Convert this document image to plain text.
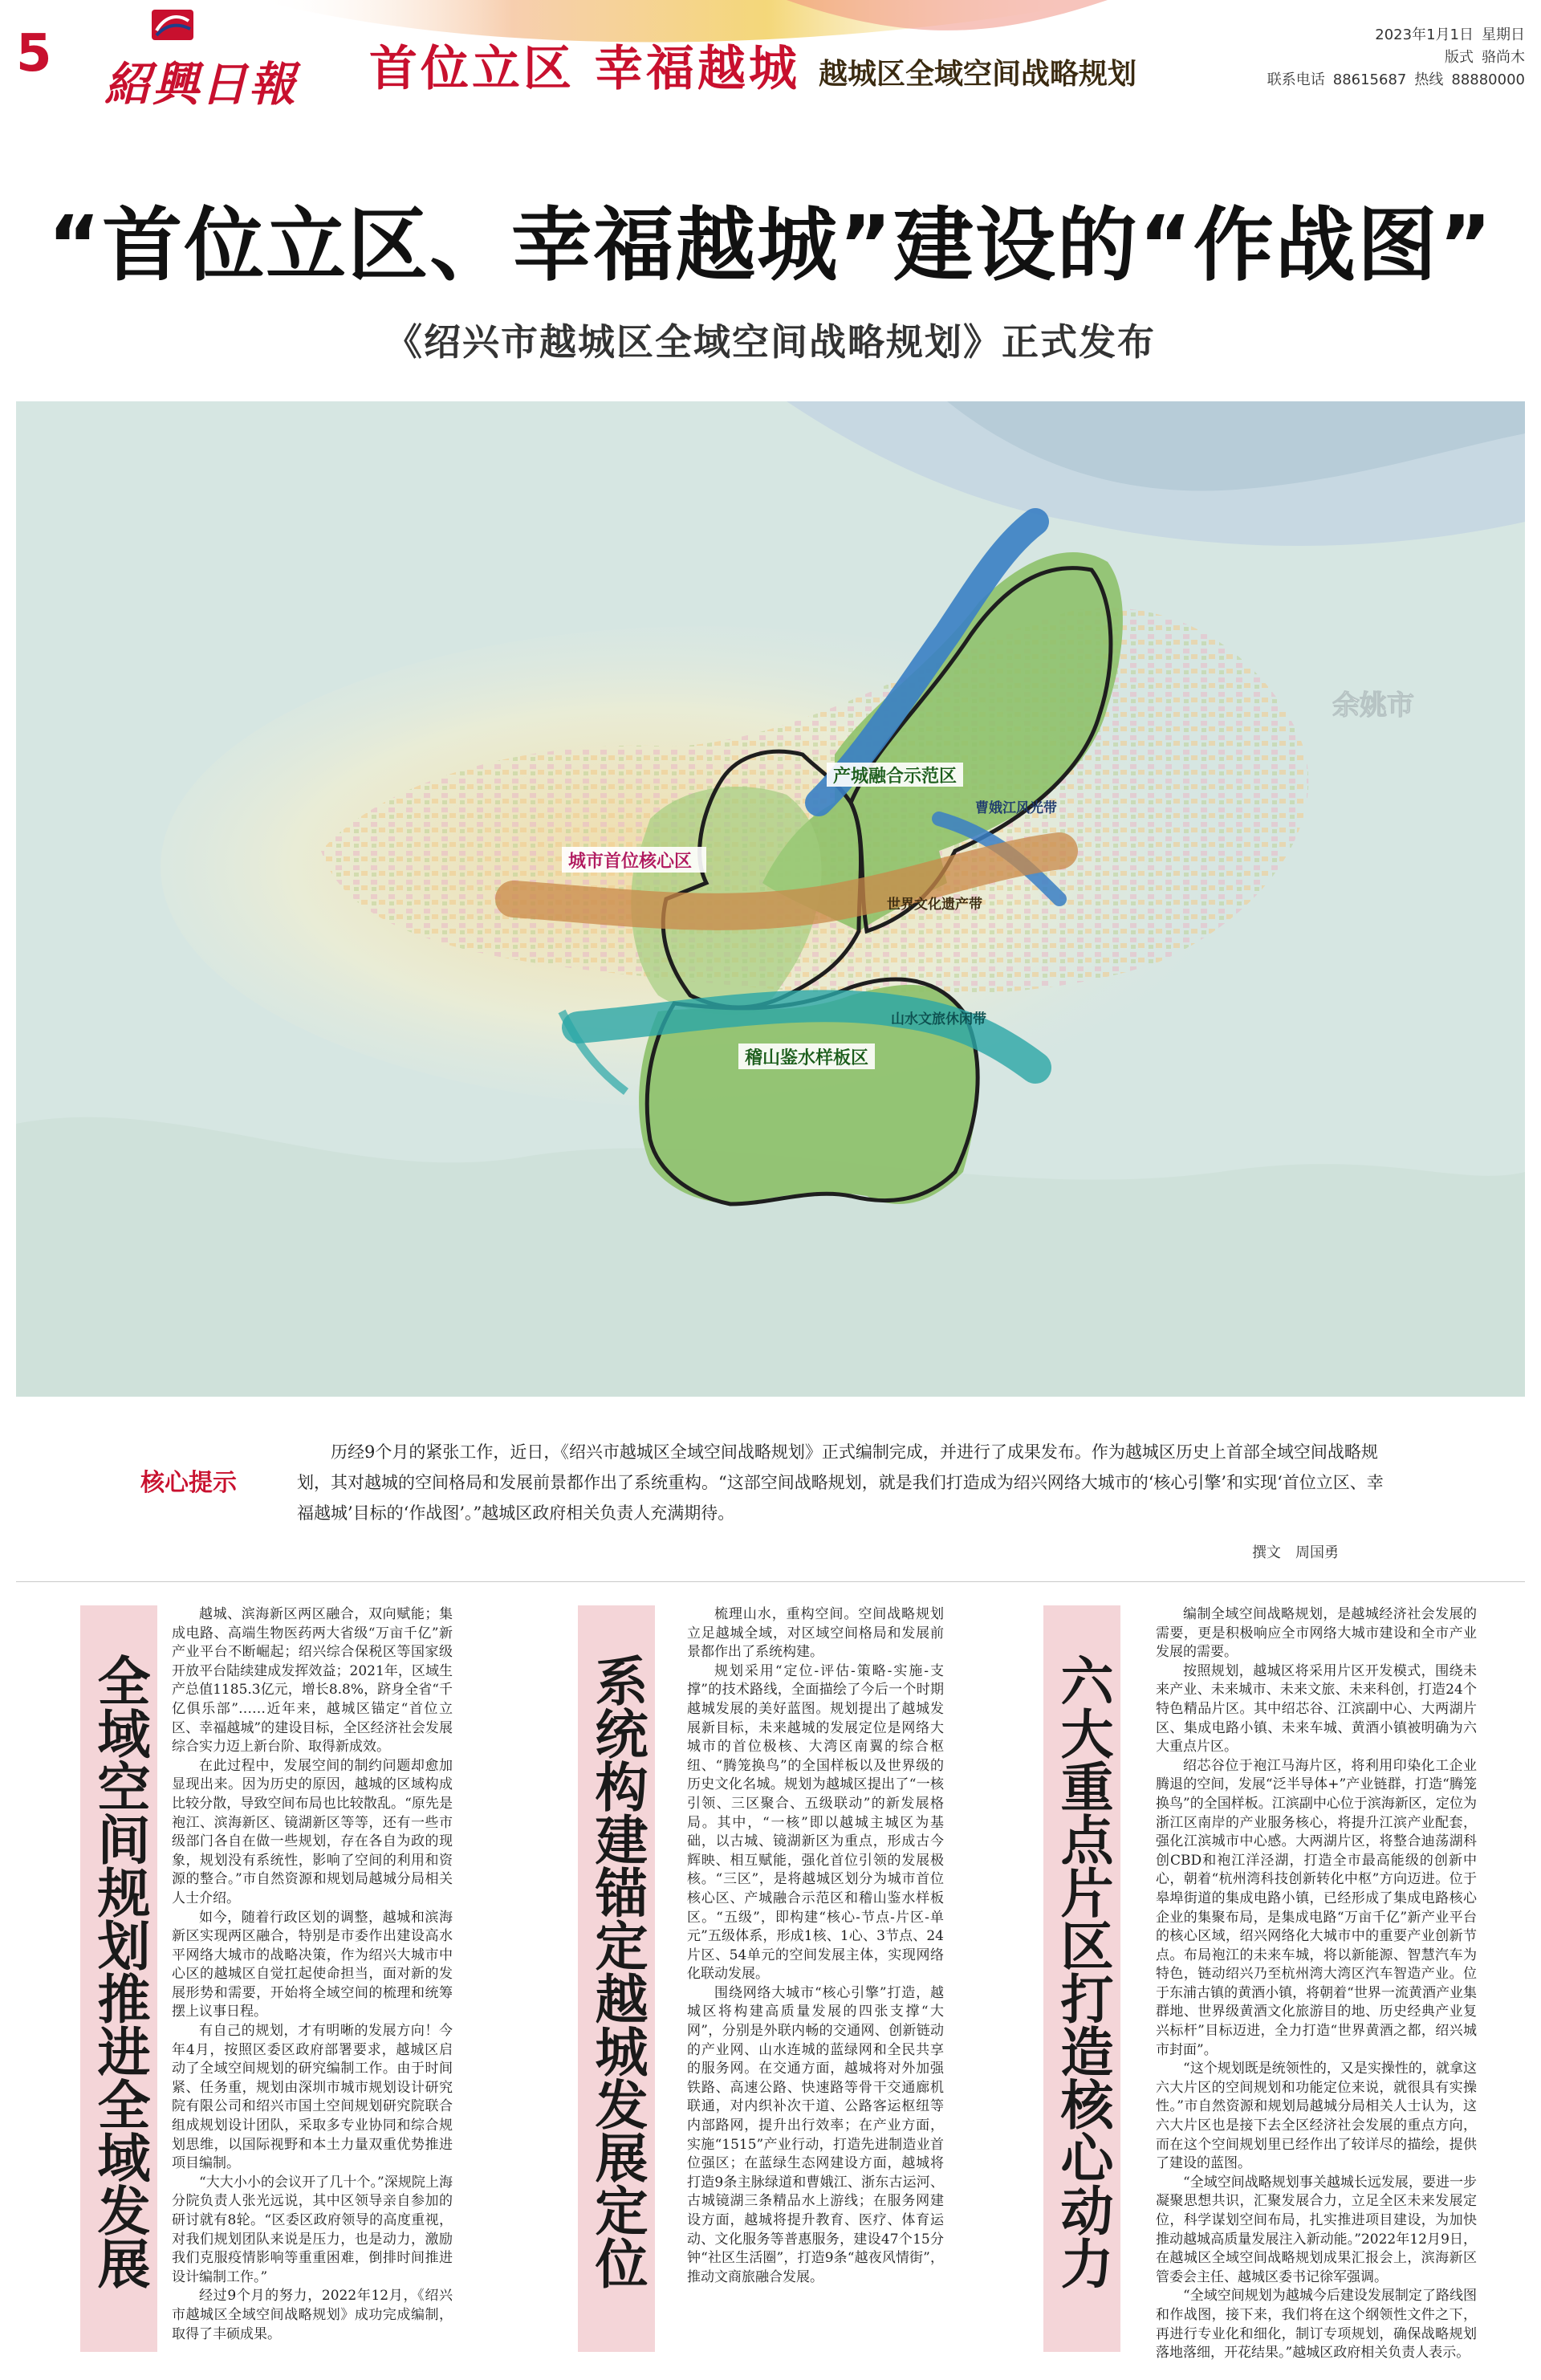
5
紹興日報 首位立区 幸福越城 越城区全域空间战略规划
2023年1月1日 星期日
版式 骆尚木
联系电话 88615687 热线 88880000
“首位立区、幸福越城”建设的“作战图”
《绍兴市越城区全域空间战略规划》正式发布
余姚市
产城融合示范区
曹娥江风光带
城市首位核心区
世界文化遗产带
山水文旅休闲带
稽山鉴水样板区
核心提示

历经9个月的紧张工作，近日，《绍兴市越城区全域空间战略规划》正式编制完成，并进行了成果发布。作为越城区历史上首部全域空间战略规划，其对越城的空间格局和发展前景都作出了系统重构。“这部空间战略规划，就是我们打造成为绍兴网络大城市的‘核心引擎’和实现‘首位立区、幸福越城’目标的‘作战图’。”越城区政府相关负责人充满期待。

撰文　周国勇
全域空间规划推进全域发展

越城、滨海新区两区融合，双向赋能；集成电路、高端生物医药两大省级“万亩千亿”新产业平台不断崛起；绍兴综合保税区等国家级开放平台陆续建成发挥效益；2021年，区域生产总值1185.3亿元，增长8.8%，跻身全省“千亿俱乐部”……近年来，越城区锚定“首位立区、幸福越城”的建设目标，全区经济社会发展综合实力迈上新台阶、取得新成效。

在此过程中，发展空间的制约问题却愈加显现出来。因为历史的原因，越城的区域构成比较分散，导致空间布局也比较散乱。“原先是袍江、滨海新区、镜湖新区等等，还有一些市级部门各自在做一些规划，存在各自为政的现象，规划没有系统性，影响了空间的利用和资源的整合。”市自然资源和规划局越城分局相关人士介绍。

如今，随着行政区划的调整，越城和滨海新区实现两区融合，特别是市委作出建设高水平网络大城市的战略决策，作为绍兴大城市中心区的越城区自觉扛起使命担当，面对新的发展形势和需要，开始将全域空间的梳理和统筹摆上议事日程。

有自己的规划，才有明晰的发展方向！今年4月，按照区委区政府部署要求，越城区启动了全域空间规划的研究编制工作。由于时间紧、任务重，规划由深圳市城市规划设计研究院有限公司和绍兴市国土空间规划研究院联合组成规划设计团队，采取多专业协同和综合规划思维，以国际视野和本土力量双重优势推进项目编制。

“大大小小的会议开了几十个。”深规院上海分院负责人张光远说，其中区领导亲自参加的研讨就有8轮。“区委区政府领导的高度重视，对我们规划团队来说是压力，也是动力，激励我们克服疫情影响等重重困难，倒排时间推进设计编制工作。”

经过9个月的努力，2022年12月，《绍兴市越城区全域空间战略规划》成功完成编制，取得了丰硕成果。

系统构建锚定越城发展定位

梳理山水，重构空间。空间战略规划立足越城全域，对区域空间格局和发展前景都作出了系统构建。

规划采用“定位-评估-策略-实施-支撑”的技术路线，全面描绘了今后一个时期越城发展的美好蓝图。规划提出了越城发展新目标，未来越城的发展定位是网络大城市的首位极核、大湾区南翼的综合枢纽、“腾笼换鸟”的全国样板以及世界级的历史文化名城。规划为越城区提出了“一核引领、三区聚合、五级联动”的新发展格局。其中，“一核”即以越城主城区为基础，以古城、镜湖新区为重点，形成古今辉映、相互赋能，强化首位引领的发展极核。“三区”，是将越城区划分为城市首位核心区、产城融合示范区和稽山鉴水样板区。“五级”，即构建“核心-节点-片区-单元”五级体系，形成1核、1心、3节点、24片区、54单元的空间发展主体，实现网络化联动发展。

围绕网络大城市“核心引擎”打造，越城区将构建高质量发展的四张支撑“大网”，分别是外联内畅的交通网、创新链动的产业网、山水连城的蓝绿网和全民共享的服务网。在交通方面，越城将对外加强铁路、高速公路、快速路等骨干交通廊机联通，对内织补次干道、公路客运枢纽等内部路网，提升出行效率；在产业方面，实施“1515”产业行动，打造先进制造业首位强区；在蓝绿生态网建设方面，越城将打造9条主脉绿道和曹娥江、浙东古运河、古城镜湖三条精品水上游线；在服务网建设方面，越城将提升教育、医疗、体育运动、文化服务等普惠服务，建设47个15分钟“社区生活圈”，打造9条“越夜风情街”，推动文商旅融合发展。	六大重点片区打造核心动力

编制全域空间战略规划，是越城经济社会发展的需要，更是积极响应全市网络大城市建设和全市产业发展的需要。

按照规划，越城区将采用片区开发模式，围绕未来产业、未来城市、未来文旅、未来科创，打造24个特色精品片区。其中绍芯谷、江滨副中心、大两湖片区、集成电路小镇、未来车城、黄酒小镇被明确为六大重点片区。

绍芯谷位于袍江马海片区，将利用印染化工企业腾退的空间，发展“泛半导体+”产业链群，打造“腾笼换鸟”的全国样板。江滨副中心位于滨海新区，定位为浙江区南岸的产业服务核心，将提升江滨产业配套，强化江滨城市中心感。大两湖片区，将整合迪荡湖科创CBD和袍江洋泾湖，打造全市最高能级的创新中心，朝着“杭州湾科技创新转化中枢”方向迈进。位于皋埠街道的集成电路小镇，已经形成了集成电路核心企业的集聚布局，是集成电路“万亩千亿”新产业平台的核心区域，绍兴网络化大城市中的重要产业创新节点。布局袍江的未来车城，将以新能源、智慧汽车为特色，链动绍兴乃至杭州湾大湾区汽车智造产业。位于东浦古镇的黄酒小镇，将朝着“世界一流黄酒产业集群地、世界级黄酒文化旅游目的地、历史经典产业复兴标杆”目标迈进，全力打造“世界黄酒之都，绍兴城市封面”。

“这个规划既是统领性的，又是实操性的，就拿这六大片区的空间规划和功能定位来说，就很具有实操性。”市自然资源和规划局越城分局相关人士认为，这六大片区也是接下去全区经济社会发展的重点方向，而在这个空间规划里已经作出了较详尽的描绘，提供了建设的蓝图。

“全域空间战略规划事关越城长远发展，要进一步凝聚思想共识，汇聚发展合力，立足全区未来发展定位，科学谋划空间布局，扎实推进项目建设，为加快推动越城高质量发展注入新动能。”2022年12月9日，在越城区全域空间战略规划成果汇报会上，滨海新区管委会主任、越城区委书记徐军强调。

“全域空间规划为越城今后建设发展制定了路线图和作战图，接下来，我们将在这个纲领性文件之下，再进行专业化和细化，制订专项规划，确保战略规划落地落细，开花结果。”越城区政府相关负责人表示。
